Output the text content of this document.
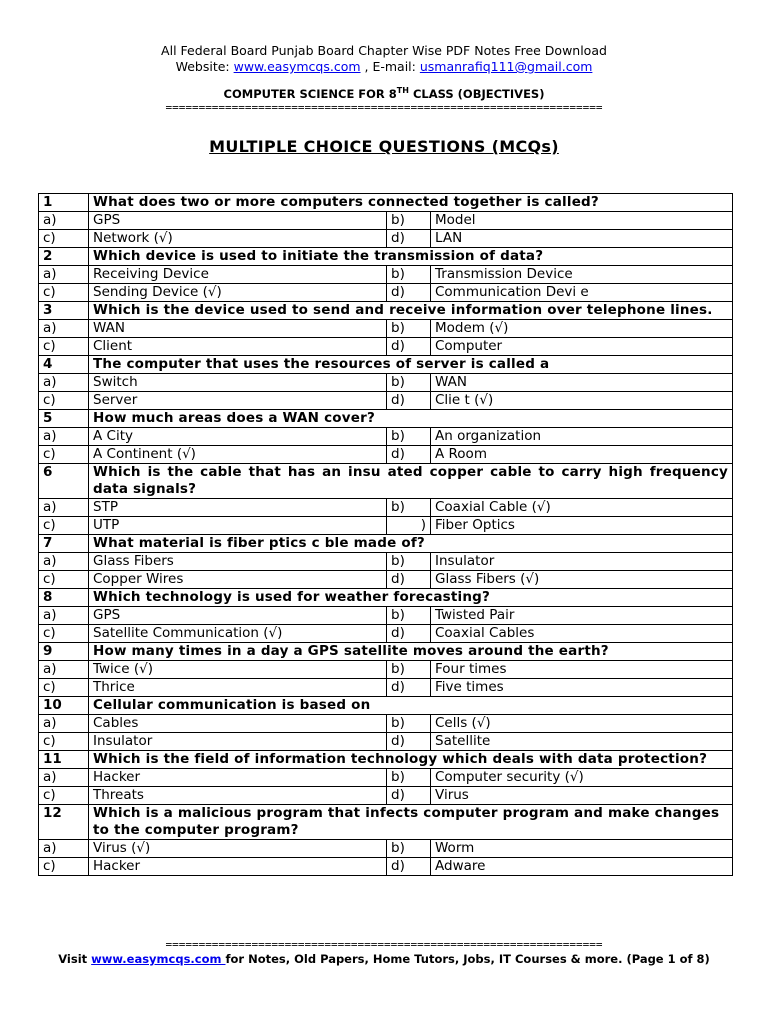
All Federal Board Punjab Board Chapter Wise PDF Notes Free Download
Website: www.easymcqs.com , E-mail: usmanrafiq111@gmail.com
COMPUTER SCIENCE FOR 8TH CLASS (OBJECTIVES)
==================================================================
MULTIPLE CHOICE QUESTIONS (MCQs)
1	What does two or more computers connected together is called?		
a)	GPS	b)	Model
c)	Network (√)	d)	LAN
2	Which device is used to initiate the transmission of data?		
a)	Receiving Device	b)	Transmission Device
c)	Sending Device (√)	d)	Communication Devi e
3	Which is the device used to send and receive information over telephone lines.		
a)	WAN	b)	Modem (√)
c)	Client	d)	Computer
4	The computer that uses the resources of server is called a		
a)	Switch	b)	WAN
c)	Server	d)	Clie t (√)
5	How much areas does a WAN cover?		
a)	A City	b)	An organization
c)	A Continent (√)	d)	A Room
6	Which is the cable that has an insu ated copper cable to carry high frequency data signals?		
a)	STP	b)	Coaxial Cable (√)
c)	UTP	)	Fiber Optics
7	What material is fiber ptics c ble made of?		
a)	Glass Fibers	b)	Insulator
c)	Copper Wires	d)	Glass Fibers (√)
8	Which technology is used for weather forecasting?		
a)	GPS	b)	Twisted Pair
c)	Satellite Communication (√)	d)	Coaxial Cables
9	How many times in a day a GPS satellite moves around the earth?		
a)	Twice (√)	b)	Four times
c)	Thrice	d)	Five times
10	Cellular communication is based on		
a)	Cables	b)	Cells (√)
c)	Insulator	d)	Satellite
11	Which is the field of information technology which deals with data protection?		
a)	Hacker	b)	Computer security (√)
c)	Threats	d)	Virus
12	Which is a malicious program that infects computer program and make changes to the computer program?		
a)	Virus (√)	b)	Worm
c)	Hacker	d)	Adware
==================================================================
Visit www.easymcqs.com for Notes, Old Papers, Home Tutors, Jobs, IT Courses & more. (Page 1 of 8)
